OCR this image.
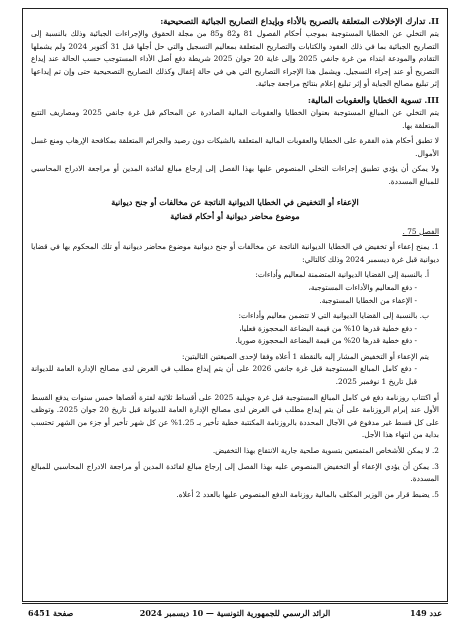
II. تدارك الإخلالات المتعلقة بالتصريح بالأداء وبإيداع التصاريح الجبائية التصحيحية:

يتم التخلي عن الخطايا المستوجبة بموجب أحكام الفصول 81 و82 و85 من مجلة الحقوق والإجراءات الجبائية وذلك بالنسبة إلى التصاريح الجبائية بما في ذلك العقود والكتابات والتصاريح المتعلقة بمعاليم التسجيل والتي حل أجلها قبل 31 أكتوبر 2024 ولم يشملها التقادم والمودعة ابتداء من غرة جانفي 2025 وإلى غاية 20 جوان 2025 شريطة دفع أصل الأداء المستوجب حسب الحالة عند إيداع التصريح أو عند إجراء التسجيل. ويشمل هذا الإجراء التصاريح التي هي في حالة إغفال وكذلك التصاريح التصحيحية حتى وإن تم إيداعها إثر تبليغ مصالح الجباية أو إثر تبليغ إعلام بنتائج مراجعة جبائية.

III. تسوية الخطايا والعقوبات المالية:

يتم التخلي عن المبالغ المستوجبة بعنوان الخطايا والعقوبات المالية الصادرة عن المحاكم قبل غرة جانفي 2025 ومصاريف التتبع المتعلقة بها.

لا تطبق أحكام هذه الفقرة على الخطايا والعقوبات المالية المتعلقة بالشيكات دون رصيد والجرائم المتعلقة بمكافحة الإرهاب ومنع غسل الأموال.

ولا يمكن أن يؤدي تطبيق إجراءات التخلي المنصوص عليها بهذا الفصل إلى إرجاع مبالغ لفائدة المدين أو مراجعة الادراج المحاسبي للمبالغ المسددة.

الإعفاء أو التخفيض في الخطايا الديوانية الناتجة عن مخالفات أو جنح ديوانية

موضوع محاضر ديوانية أو أحكام قضائية

الفصل 75 .

1. يمنح إعفاء أو تخفيض في الخطايا الديوانية الناتجة عن مخالفات أو جنح ديوانية موضوع محاضر ديوانية أو تلك المحكوم بها في قضايا ديوانية قبل غرة ديسمبر 2024 وذلك كالتالي:

أ. بالنسبة إلى القضايا الديوانية المتضمنة لمعاليم وأداءات:

- دفع المعاليم والأداءات المستوجبة،

- الإعفاء من الخطايا المستوجبة.

ب. بالنسبة إلى القضايا الديوانية التي لا تتضمن معاليم وأداءات:

- دفع خطية قدرها 10% من قيمة البضاعة المحجوزة فعليا،

- دفع خطية قدرها 20% من قيمة البضاعة المحجوزة صوريا.

يتم الإعفاء أو التخفيض المشار إليه بالنقطة 1 أعلاه وفقا لإحدى الصيغتين التاليتين:

- دفع كامل المبالغ المستوجبة قبل غرة جانفي 2026 على أن يتم إيداع مطلب في الغرض لدى مصالح الإدارة العامة للديوانة قبل تاريخ 1 نوفمبر 2025.

أو اكتتاب روزنامة دفع في كامل المبالغ المستوجبة قبل غرة جويلية 2025 على أقساط ثلاثية لفترة أقصاها خمس سنوات يدفع القسط الأول عند إبرام الروزنامة على أن يتم إيداع مطلب في الغرض لدى مصالح الإدارة العامة للديوانة قبل تاريخ 20 جوان 2025. وتوظف على كل قسط غير مدفوع في الآجال المحددة بالروزنامة المكتتبة خطية تأخير بـ 1.25% عن كل شهر تأخير أو جزء من الشهر تحتسب بداية من انتهاء هذا الأجل.

2. لا يمكن للأشخاص المتمتعين بتسوية صلحية جارية الانتفاع بهذا التخفيض.

3. يمكن أن يؤدي الإعفاء أو التخفيض المنصوص عليه بهذا الفصل إلى إرجاع مبالغ لفائدة المدين أو مراجعة الادراج المحاسبي للمبالغ المسددة.

5. يضبط قرار من الوزير المكلف بالمالية روزنامة الدفع المنصوص عليها بالعدد 2 أعلاه.

عدد 149
الرائد الرسمي للجمهورية التونسية — 10 ديسمبر 2024
صفحة 6451
